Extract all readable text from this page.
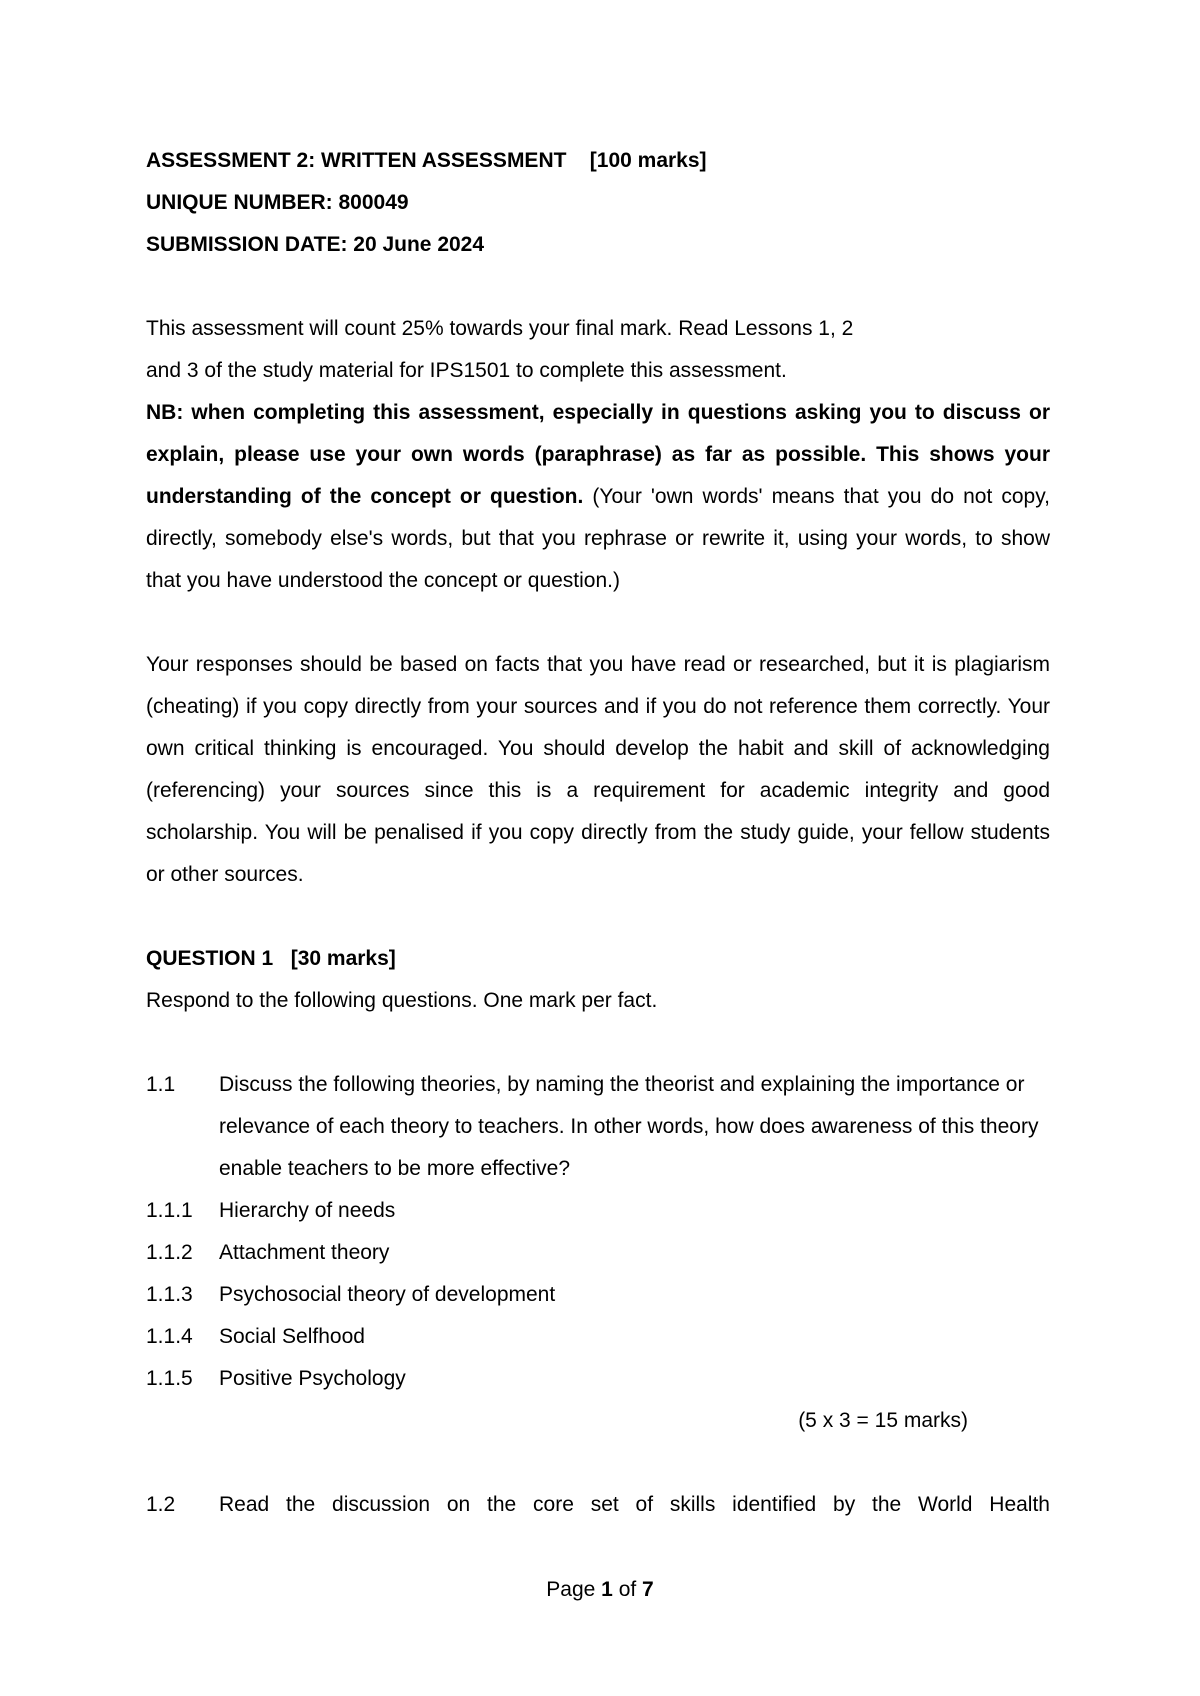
ASSESSMENT 2: WRITTEN ASSESSMENT [100 marks]
UNIQUE NUMBER: 800049
SUBMISSION DATE: 20 June 2024
This assessment will count 25% towards your final mark. Read Lessons 1, 2
and 3 of the study material for IPS1501 to complete this assessment.

NB: when completing this assessment, especially in questions asking you to discuss or explain, please use your own words (paraphrase) as far as possible. This shows your understanding of the concept or question. (Your 'own words' means that you do not copy, directly, somebody else's words, but that you rephrase or rewrite it, using your words, to show that you have understood the concept or question.)

Your responses should be based on facts that you have read or researched, but it is plagiarism (cheating) if you copy directly from your sources and if you do not reference them correctly. Your own critical thinking is encouraged. You should develop the habit and skill of acknowledging (referencing) your sources since this is a requirement for academic integrity and good scholarship. You will be penalised if you copy directly from the study guide, your fellow students or other sources.

QUESTION 1 [30 marks]
Respond to the following questions. One mark per fact.
1.1	Discuss the following theories, by naming the theorist and explaining the importance or relevance of each theory to teachers. In other words, how does awareness of this theory enable teachers to be more effective?
1.1.1	Hierarchy of needs
1.1.2	Attachment theory
1.1.3	Psychosocial theory of development
1.1.4	Social Selfhood
1.1.5	Positive Psychology
(5 x 3 = 15 marks)
1.2	Read the discussion on the core set of skills identified by the World Health
Page 1 of 7
